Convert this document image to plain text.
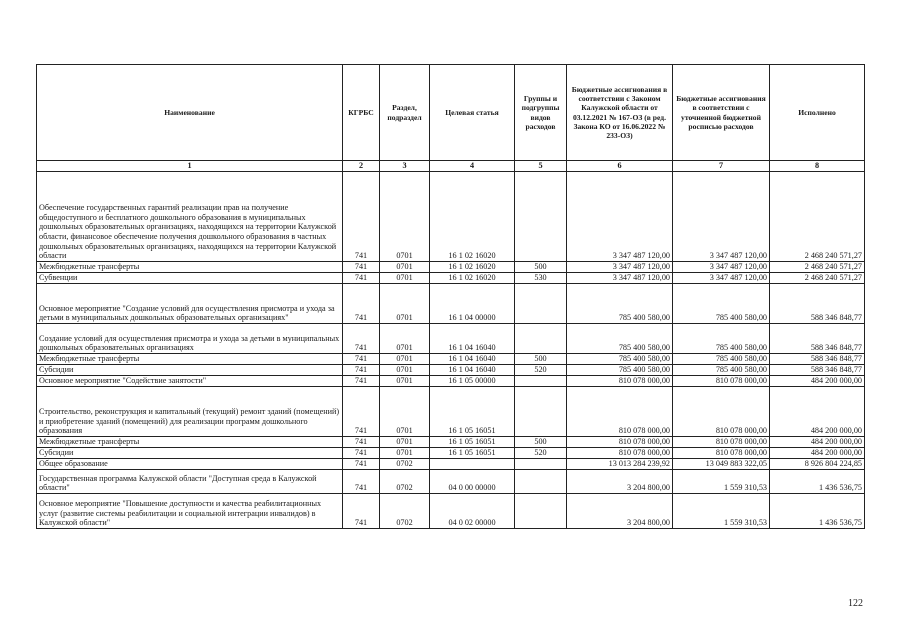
Наименование	КГРБС	Раздел, подраздел	Целевая статья	Группы и подгруппы видов расходов	Бюджетные ассигнования в соответствии с Законом Калужской области от 03.12.2021 № 167-ОЗ (в ред. Закона КО от 16.06.2022 № 233-ОЗ)	Бюджетные ассигнования в соответствии с уточненной бюджетной росписью расходов	Исполнено
1	2	3	4	5	6	7	8
Обеспечение государственных гарантий реализации прав на получение общедоступного и бесплатного дошкольного образования в муниципальных дошкольных образовательных организациях, находящихся на территории Калужской области, финансовое обеспечение получения дошкольного образования в частных дошкольных образовательных организациях, находящихся на территории Калужской области	741	0701	16 1 02 16020		3 347 487 120,00	3 347 487 120,00	2 468 240 571,27
Межбюджетные трансферты	741	0701	16 1 02 16020	500	3 347 487 120,00	3 347 487 120,00	2 468 240 571,27
Субвенции	741	0701	16 1 02 16020	530	3 347 487 120,00	3 347 487 120,00	2 468 240 571,27
Основное мероприятие "Создание условий для осуществления присмотра и ухода за детьми в муниципальных дошкольных образовательных организациях"	741	0701	16 1 04 00000		785 400 580,00	785 400 580,00	588 346 848,77
Создание условий для осуществления присмотра и ухода за детьми в муниципальных дошкольных образовательных организациях	741	0701	16 1 04 16040		785 400 580,00	785 400 580,00	588 346 848,77
Межбюджетные трансферты	741	0701	16 1 04 16040	500	785 400 580,00	785 400 580,00	588 346 848,77
Субсидии	741	0701	16 1 04 16040	520	785 400 580,00	785 400 580,00	588 346 848,77
Основное мероприятие "Содействие занятости"	741	0701	16 1 05 00000		810 078 000,00	810 078 000,00	484 200 000,00
Строительство, реконструкция и капитальный (текущий) ремонт зданий (помещений) и приобретение зданий (помещений) для реализации программ дошкольного образования	741	0701	16 1 05 16051		810 078 000,00	810 078 000,00	484 200 000,00
Межбюджетные трансферты	741	0701	16 1 05 16051	500	810 078 000,00	810 078 000,00	484 200 000,00
Субсидии	741	0701	16 1 05 16051	520	810 078 000,00	810 078 000,00	484 200 000,00
Общее образование	741	0702			13 013 284 239,92	13 049 883 322,05	8 926 804 224,85
Государственная программа Калужской области "Доступная среда в Калужской области"	741	0702	04 0 00 00000		3 204 800,00	1 559 310,53	1 436 536,75
Основное мероприятие "Повышение доступности и качества реабилитационных услуг (развитие системы реабилитации и социальной интеграции инвалидов) в Калужской области"	741	0702	04 0 02 00000		3 204 800,00	1 559 310,53	1 436 536,75
122
